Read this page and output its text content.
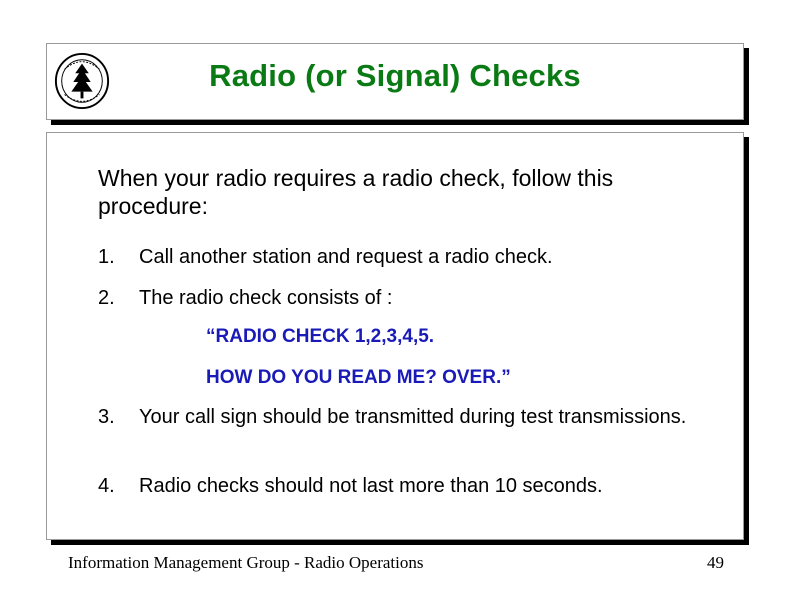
Radio (or Signal) Checks
When your radio requires a radio check, follow this procedure:
1. Call another station and request a radio check.
2. The radio check consists of :
“RADIO CHECK 1,2,3,4,5.
HOW DO YOU READ ME? OVER.”
3. Your call sign should be transmitted during test transmissions.
4. Radio checks should not last more than 10 seconds.
Information Management Group - Radio Operations	49
